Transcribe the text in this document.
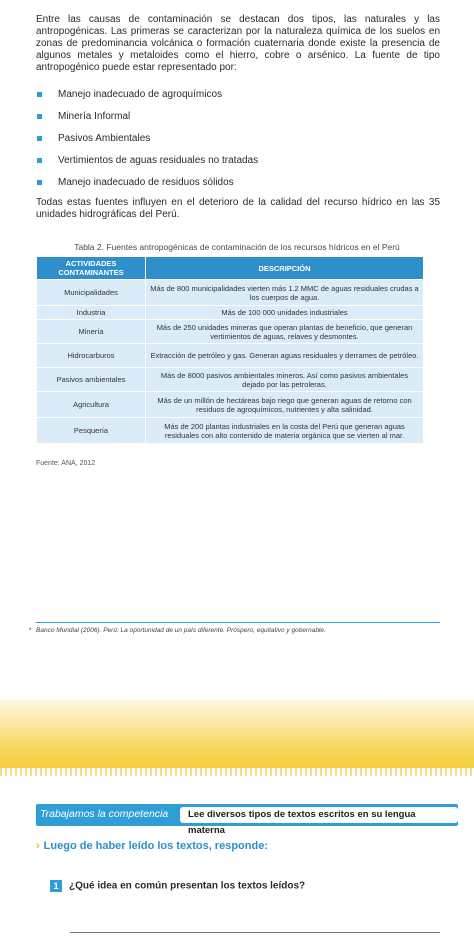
Entre las causas de contaminación se destacan dos tipos, las naturales y las antropogénicas. Las primeras se caracterizan por la naturaleza química de los suelos en zonas de predominancia volcánica o formación cuaternaria donde existe la presencia de algunos metales y metaloides como el hierro, cobre o arsénico. La fuente de tipo antropogénico puede estar representado por:
Manejo inadecuado de agroquímicos
Minería Informal
Pasivos Ambientales
Vertimientos de aguas residuales no tratadas
Manejo inadecuado de residuos sólidos
Todas estas fuentes influyen en el deterioro de la calidad del recurso hídrico en las 35 unidades hidrográficas del Perú.
Tabla 2. Fuentes antropogénicas de contaminación de los recursos hídricos en el Perú
ACTIVIDADES CONTAMINANTES	DESCRIPCIÓN
Municipalidades	Más de 800 municipalidades vierten más 1.2 MMC de aguas residuales crudas a los cuerpos de agua.
Industria	Más de 100 000 unidades industriales
Minería	Más de 250 unidades mineras que operan plantas de beneficio, que generan vertimientos de aguas, relaves y desmontes.
Hidrocarburos	Extracción de petróleo y gas. Generan aguas residuales y derrames de petróleo.
Pasivos ambientales	Más de 8000 pasivos ambientales mineros. Así como pasivos ambientales dejado por las petroleras.
Agricultura	Más de un millón de hectáreas bajo riego que generan aguas de retorno con residuos de agroquímicos, nutrientes y alta salinidad.
Pesquería	Más de 200 plantas industriales en la costa del Perú que generan aguas residuales con alto contenido de materia orgánica que se vierten al mar.
Fuente: ANA, 2012
* Banco Mundial (2006). Perú: La oportunidad de un país diferente. Próspero, equitativo y gobernable.
Trabajamos la competencia	Lee diversos tipos de textos escritos en su lengua materna
› Luego de haber leído los textos, responde:
1 ¿Qué idea en común presentan los textos leídos?
